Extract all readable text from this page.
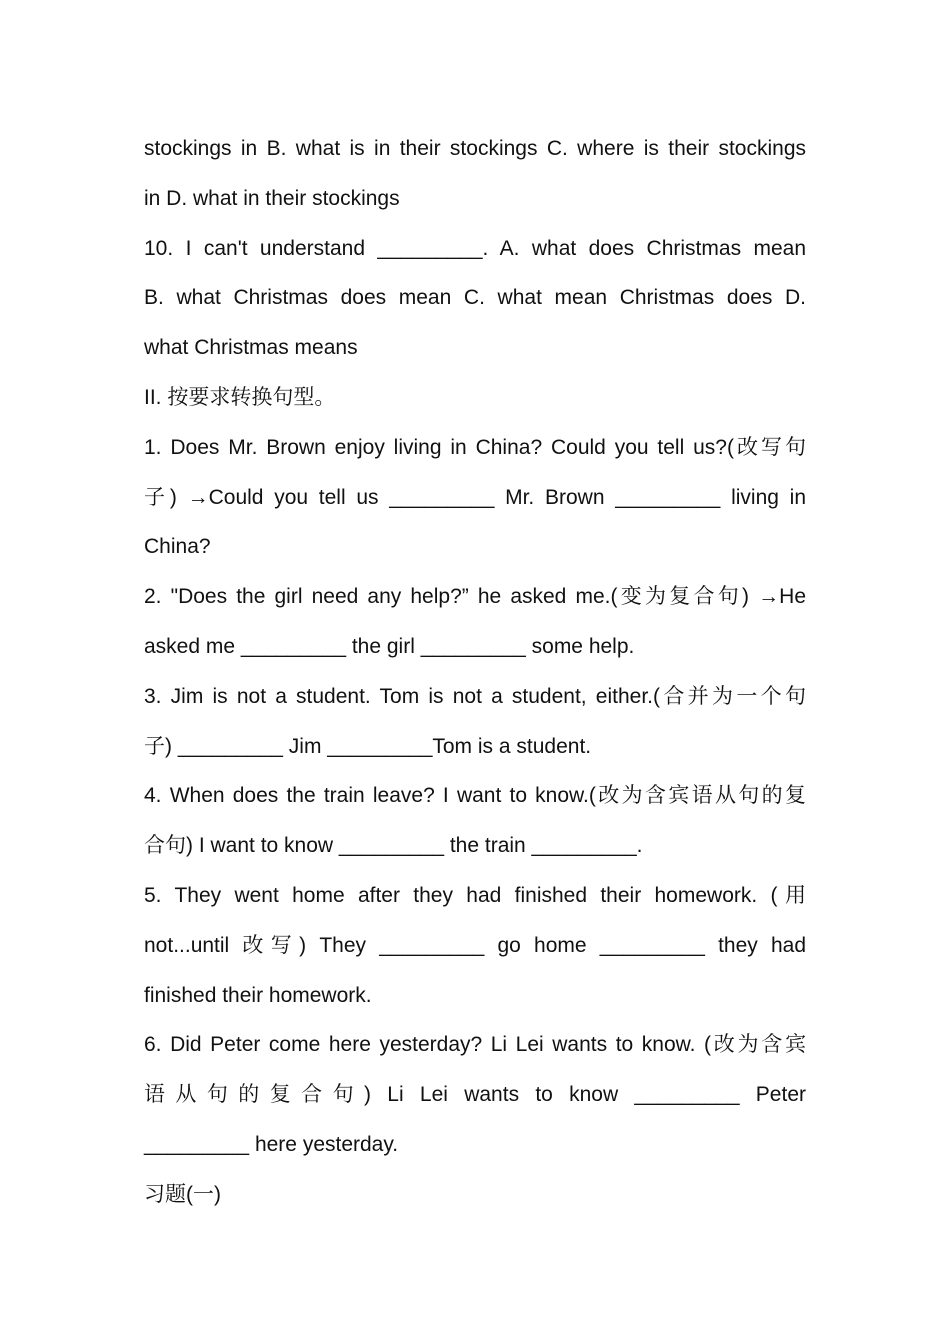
stockings in B. what is in their stockings C. where is their stockings
in D. what in their stockings
10. I can't understand _________. A. what does Christmas mean
B. what Christmas does mean C. what mean Christmas does D.
what Christmas means
II. 按要求转换句型。
1. Does Mr. Brown enjoy living in China? Could you tell us?(改写句
子) →Could you tell us _________ Mr. Brown _________ living in
China?
2. "Does the girl need any help?” he asked me.(变为复合句) →He
asked me _________ the girl _________ some help.
3. Jim is not a student. Tom is not a student, either.(合并为一个句
子) _________ Jim _________Tom is a student.
4. When does the train leave? I want to know.(改为含宾语从句的复
合句) I want to know _________ the train _________.
5. They went home after they had finished their homework. (用
not...until 改写) They _________ go home _________ they had
finished their homework.
6. Did Peter come here yesterday? Li Lei wants to know. (改为含宾
语从句的复合句) Li Lei wants to know _________ Peter
_________ here yesterday.
习题(一)
